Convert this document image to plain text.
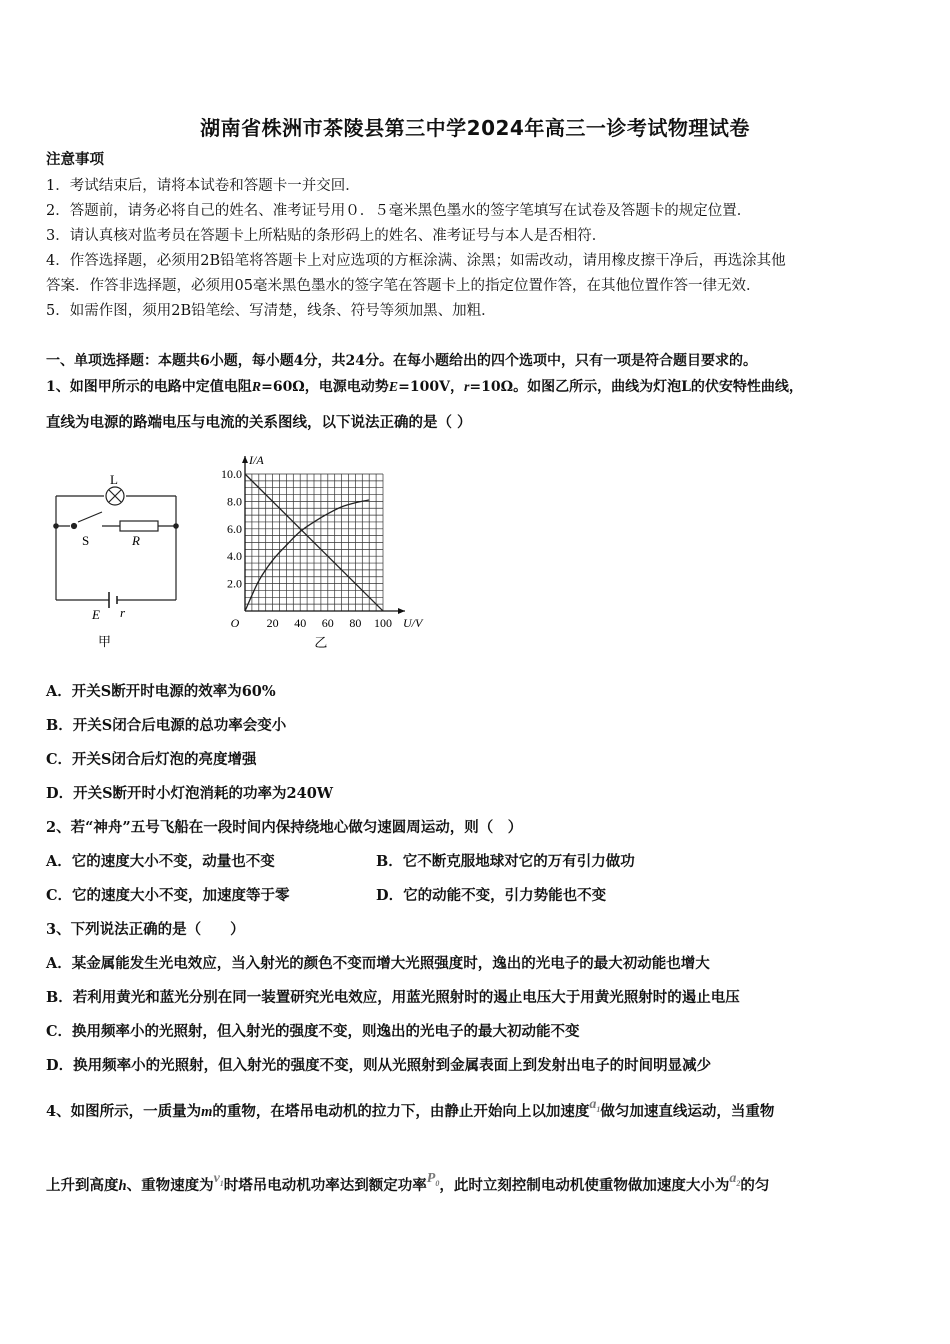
湖南省株洲市茶陵县第三中学2024年高三一诊考试物理试卷
注意事项
1．考试结束后，请将本试卷和答题卡一并交回．
2．答题前，请务必将自己的姓名、准考证号用０．５毫米黑色墨水的签字笔填写在试卷及答题卡的规定位置．
3．请认真核对监考员在答题卡上所粘贴的条形码上的姓名、准考证号与本人是否相符．
4．作答选择题，必须用2B铅笔将答题卡上对应选项的方框涂满、涂黑；如需改动，请用橡皮擦干净后，再选涂其他
答案．作答非选择题，必须用05毫米黑色墨水的签字笔在答题卡上的指定位置作答，在其他位置作答一律无效．
5．如需作图，须用2B铅笔绘、写清楚，线条、符号等须加黑、加粗．
一、单项选择题：本题共6小题，每小题4分，共24分。在每小题给出的四个选项中，只有一项是符合题目要求的。
1、如图甲所示的电路中定值电阻R=60Ω，电源电动势E=100V，r=10Ω。如图乙所示，曲线为灯泡L的伏安特性曲线，
直线为电源的路端电压与电流的关系图线，以下说法正确的是（ ）
L
S	R
E r
甲
20 40 60 80 100
2.0
4.0
6.0
8.0
10.0
O	U/V
I/A
乙
A．开关S断开时电源的效率为60%
B．开关S闭合后电源的总功率会变小
C．开关S闭合后灯泡的亮度增强
D．开关S断开时小灯泡消耗的功率为240W
2、若“神舟”五号飞船在一段时间内保持绕地心做匀速圆周运动，则（　）
A．它的速度大小不变，动量也不变	B．它不断克服地球对它的万有引力做功
C．它的速度大小不变，加速度等于零	D．它的动能不变，引力势能也不变
3、下列说法正确的是（　　）
A．某金属能发生光电效应，当入射光的颜色不变而增大光照强度时，逸出的光电子的最大初动能也增大
B．若利用黄光和蓝光分别在同一装置研究光电效应，用蓝光照射时的遏止电压大于用黄光照射时的遏止电压
C．换用频率小的光照射，但入射光的强度不变，则逸出的光电子的最大初动能不变
D．换用频率小的光照射，但入射光的强度不变，则从光照射到金属表面上到发射出电子的时间明显减少
4、如图所示，一质量为m的重物，在塔吊电动机的拉力下，由静止开始向上以加速度$a_1$做匀加速直线运动，当重物
上升到高度h、重物速度为$v_1$时塔吊电动机功率达到额定功率$P_0$，此时立刻控制电动机使重物做加速度大小为$a_2$的匀
